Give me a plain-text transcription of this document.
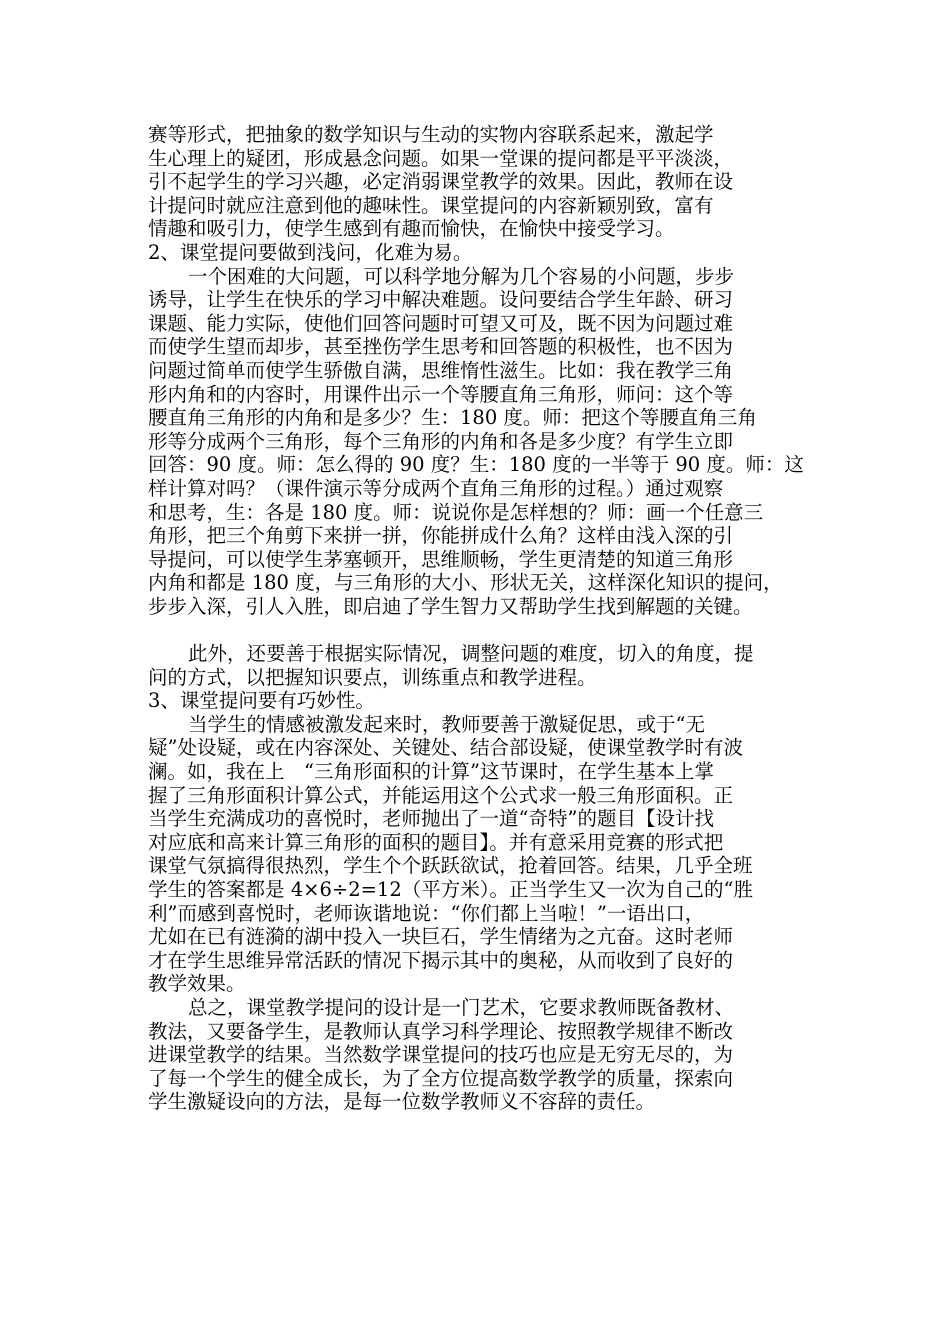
赛等形式，把抽象的数学知识与生动的实物内容联系起来，激起学
生心理上的疑团，形成悬念问题。如果一堂课的提问都是平平淡淡，
引不起学生的学习兴趣，必定消弱课堂教学的效果。因此，教师在设
计提问时就应注意到他的趣味性。课堂提问的内容新颖别致，富有
情趣和吸引力，使学生感到有趣而愉快，在愉快中接受学习。
2、课堂提问要做到浅问，化难为易。
一个困难的大问题，可以科学地分解为几个容易的小问题，步步
诱导，让学生在快乐的学习中解决难题。设问要结合学生年龄、研习
课题、能力实际，使他们回答问题时可望又可及，既不因为问题过难
而使学生望而却步，甚至挫伤学生思考和回答题的积极性，也不因为
问题过简单而使学生骄傲自满，思维惰性滋生。比如：我在教学三角
形内角和的内容时，用课件出示一个等腰直角三角形，师问：这个等
腰直角三角形的内角和是多少？生：180 度。师：把这个等腰直角三角
形等分成两个三角形，每个三角形的内角和各是多少度？有学生立即
回答：90 度。师：怎么得的 90 度？生：180 度的一半等于 90 度。师：这
样计算对吗？（课件演示等分成两个直角三角形的过程。）通过观察
和思考，生：各是 180 度。师：说说你是怎样想的？师：画一个任意三
角形，把三个角剪下来拼一拼，你能拼成什么角？这样由浅入深的引
导提问，可以使学生茅塞顿开，思维顺畅，学生更清楚的知道三角形
内角和都是 180 度，与三角形的大小、形状无关，这样深化知识的提问，
步步入深，引人入胜，即启迪了学生智力又帮助学生找到解题的关键。
此外，还要善于根据实际情况，调整问题的难度，切入的角度，提
问的方式，以把握知识要点，训练重点和教学进程。
3、课堂提问要有巧妙性。
当学生的情感被激发起来时，教师要善于激疑促思，或于“无
疑”处设疑，或在内容深处、关键处、结合部设疑，使课堂教学时有波
澜。如，我在上　“三角形面积的计算”这节课时，在学生基本上掌
握了三角形面积计算公式，并能运用这个公式求一般三角形面积。正
当学生充满成功的喜悦时，老师抛出了一道“奇特”的题目【设计找
对应底和高来计算三角形的面积的题目】。并有意采用竞赛的形式把
课堂气氛搞得很热烈，学生个个跃跃欲试，抢着回答。结果，几乎全班
学生的答案都是 4×6÷2=12（平方米）。正当学生又一次为自己的“胜
利”而感到喜悦时，老师诙谐地说：“你们都上当啦！”一语出口，
尤如在已有涟漪的湖中投入一块巨石，学生情绪为之亢奋。这时老师
才在学生思维异常活跃的情况下揭示其中的奥秘，从而收到了良好的
教学效果。
总之，课堂教学提问的设计是一门艺术，它要求教师既备教材、
教法，又要备学生，是教师认真学习科学理论、按照教学规律不断改
进课堂教学的结果。当然数学课堂提问的技巧也应是无穷无尽的，为
了每一个学生的健全成长，为了全方位提高数学教学的质量，探索向
学生激疑设向的方法，是每一位数学教师义不容辞的责任。
